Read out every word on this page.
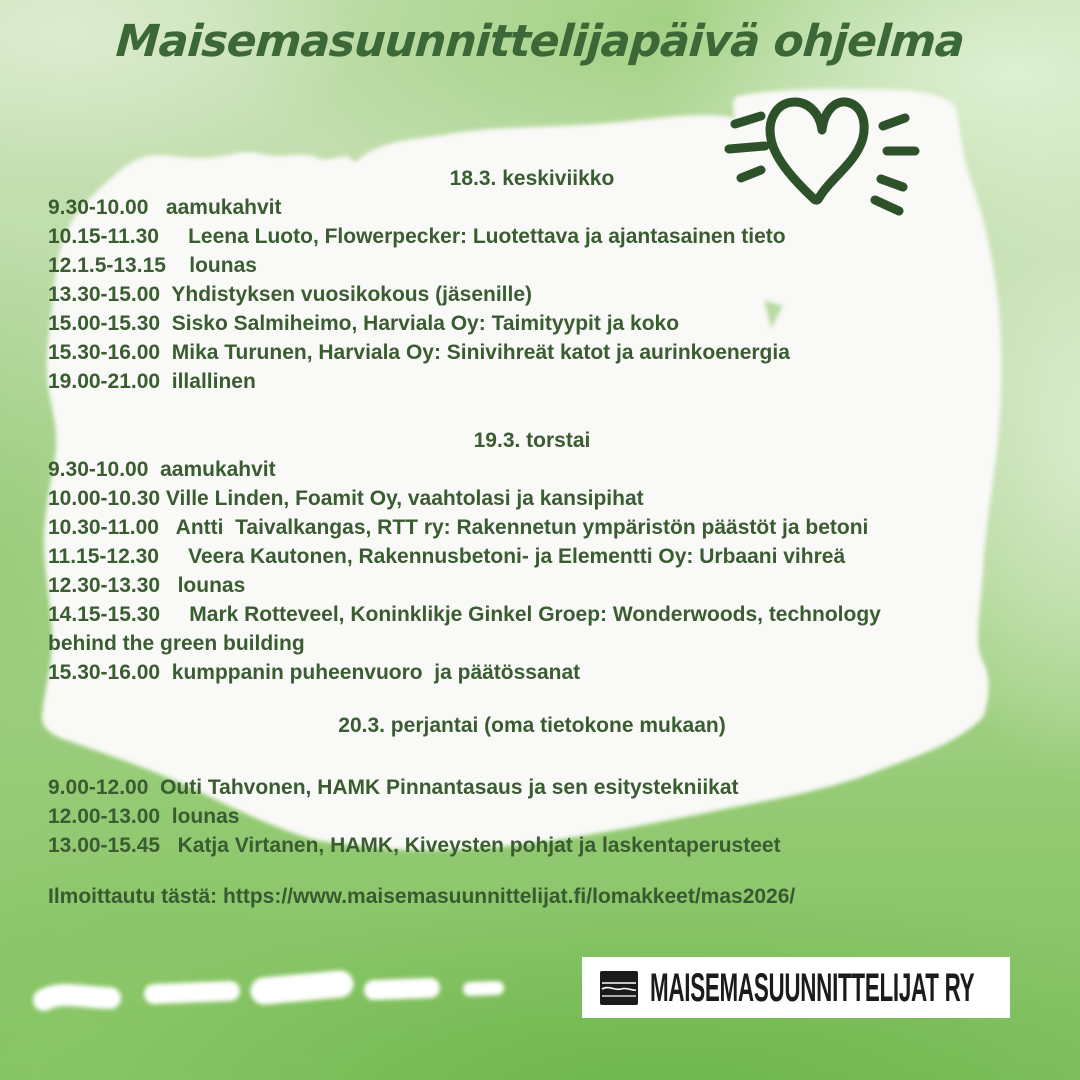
Maisemasuunnittelijapäivä ohjelma
18.3. keskiviikko
9.30-10.00   aamukahvit
10.15-11.30     Leena Luoto, Flowerpecker: Luotettava ja ajantasainen tieto
12.1.5-13.15    lounas
13.30-15.00  Yhdistyksen vuosikokous (jäsenille)
15.00-15.30  Sisko Salmiheimo, Harviala Oy: Taimityypit ja koko
15.30-16.00  Mika Turunen, Harviala Oy: Sinivihreät katot ja aurinkoenergia
19.00-21.00  illallinen
19.3. torstai
9.30-10.00  aamukahvit
10.00-10.30 Ville Linden, Foamit Oy, vaahtolasi ja kansipihat
10.30-11.00   Antti  Taivalkangas, RTT ry: Rakennetun ympäristön päästöt ja betoni
11.15-12.30     Veera Kautonen, Rakennusbetoni- ja Elementti Oy: Urbaani vihreä
12.30-13.30   lounas
14.15-15.30     Mark Rotteveel, Koninklikje Ginkel Groep: Wonderwoods, technology
behind the green building
15.30-16.00  kumppanin puheenvuoro  ja päätössanat
20.3. perjantai (oma tietokone mukaan)
9.00-12.00  Outi Tahvonen, HAMK Pinnantasaus ja sen esitystekniikat
12.00-13.00  lounas
13.00-15.45   Katja Virtanen, HAMK, Kiveysten pohjat ja laskentaperusteet
Ilmoittautu tästä: https://www.maisemasuunnittelijat.fi/lomakkeet/mas2026/
MAISEMASUUNNITTELIJAT RY
